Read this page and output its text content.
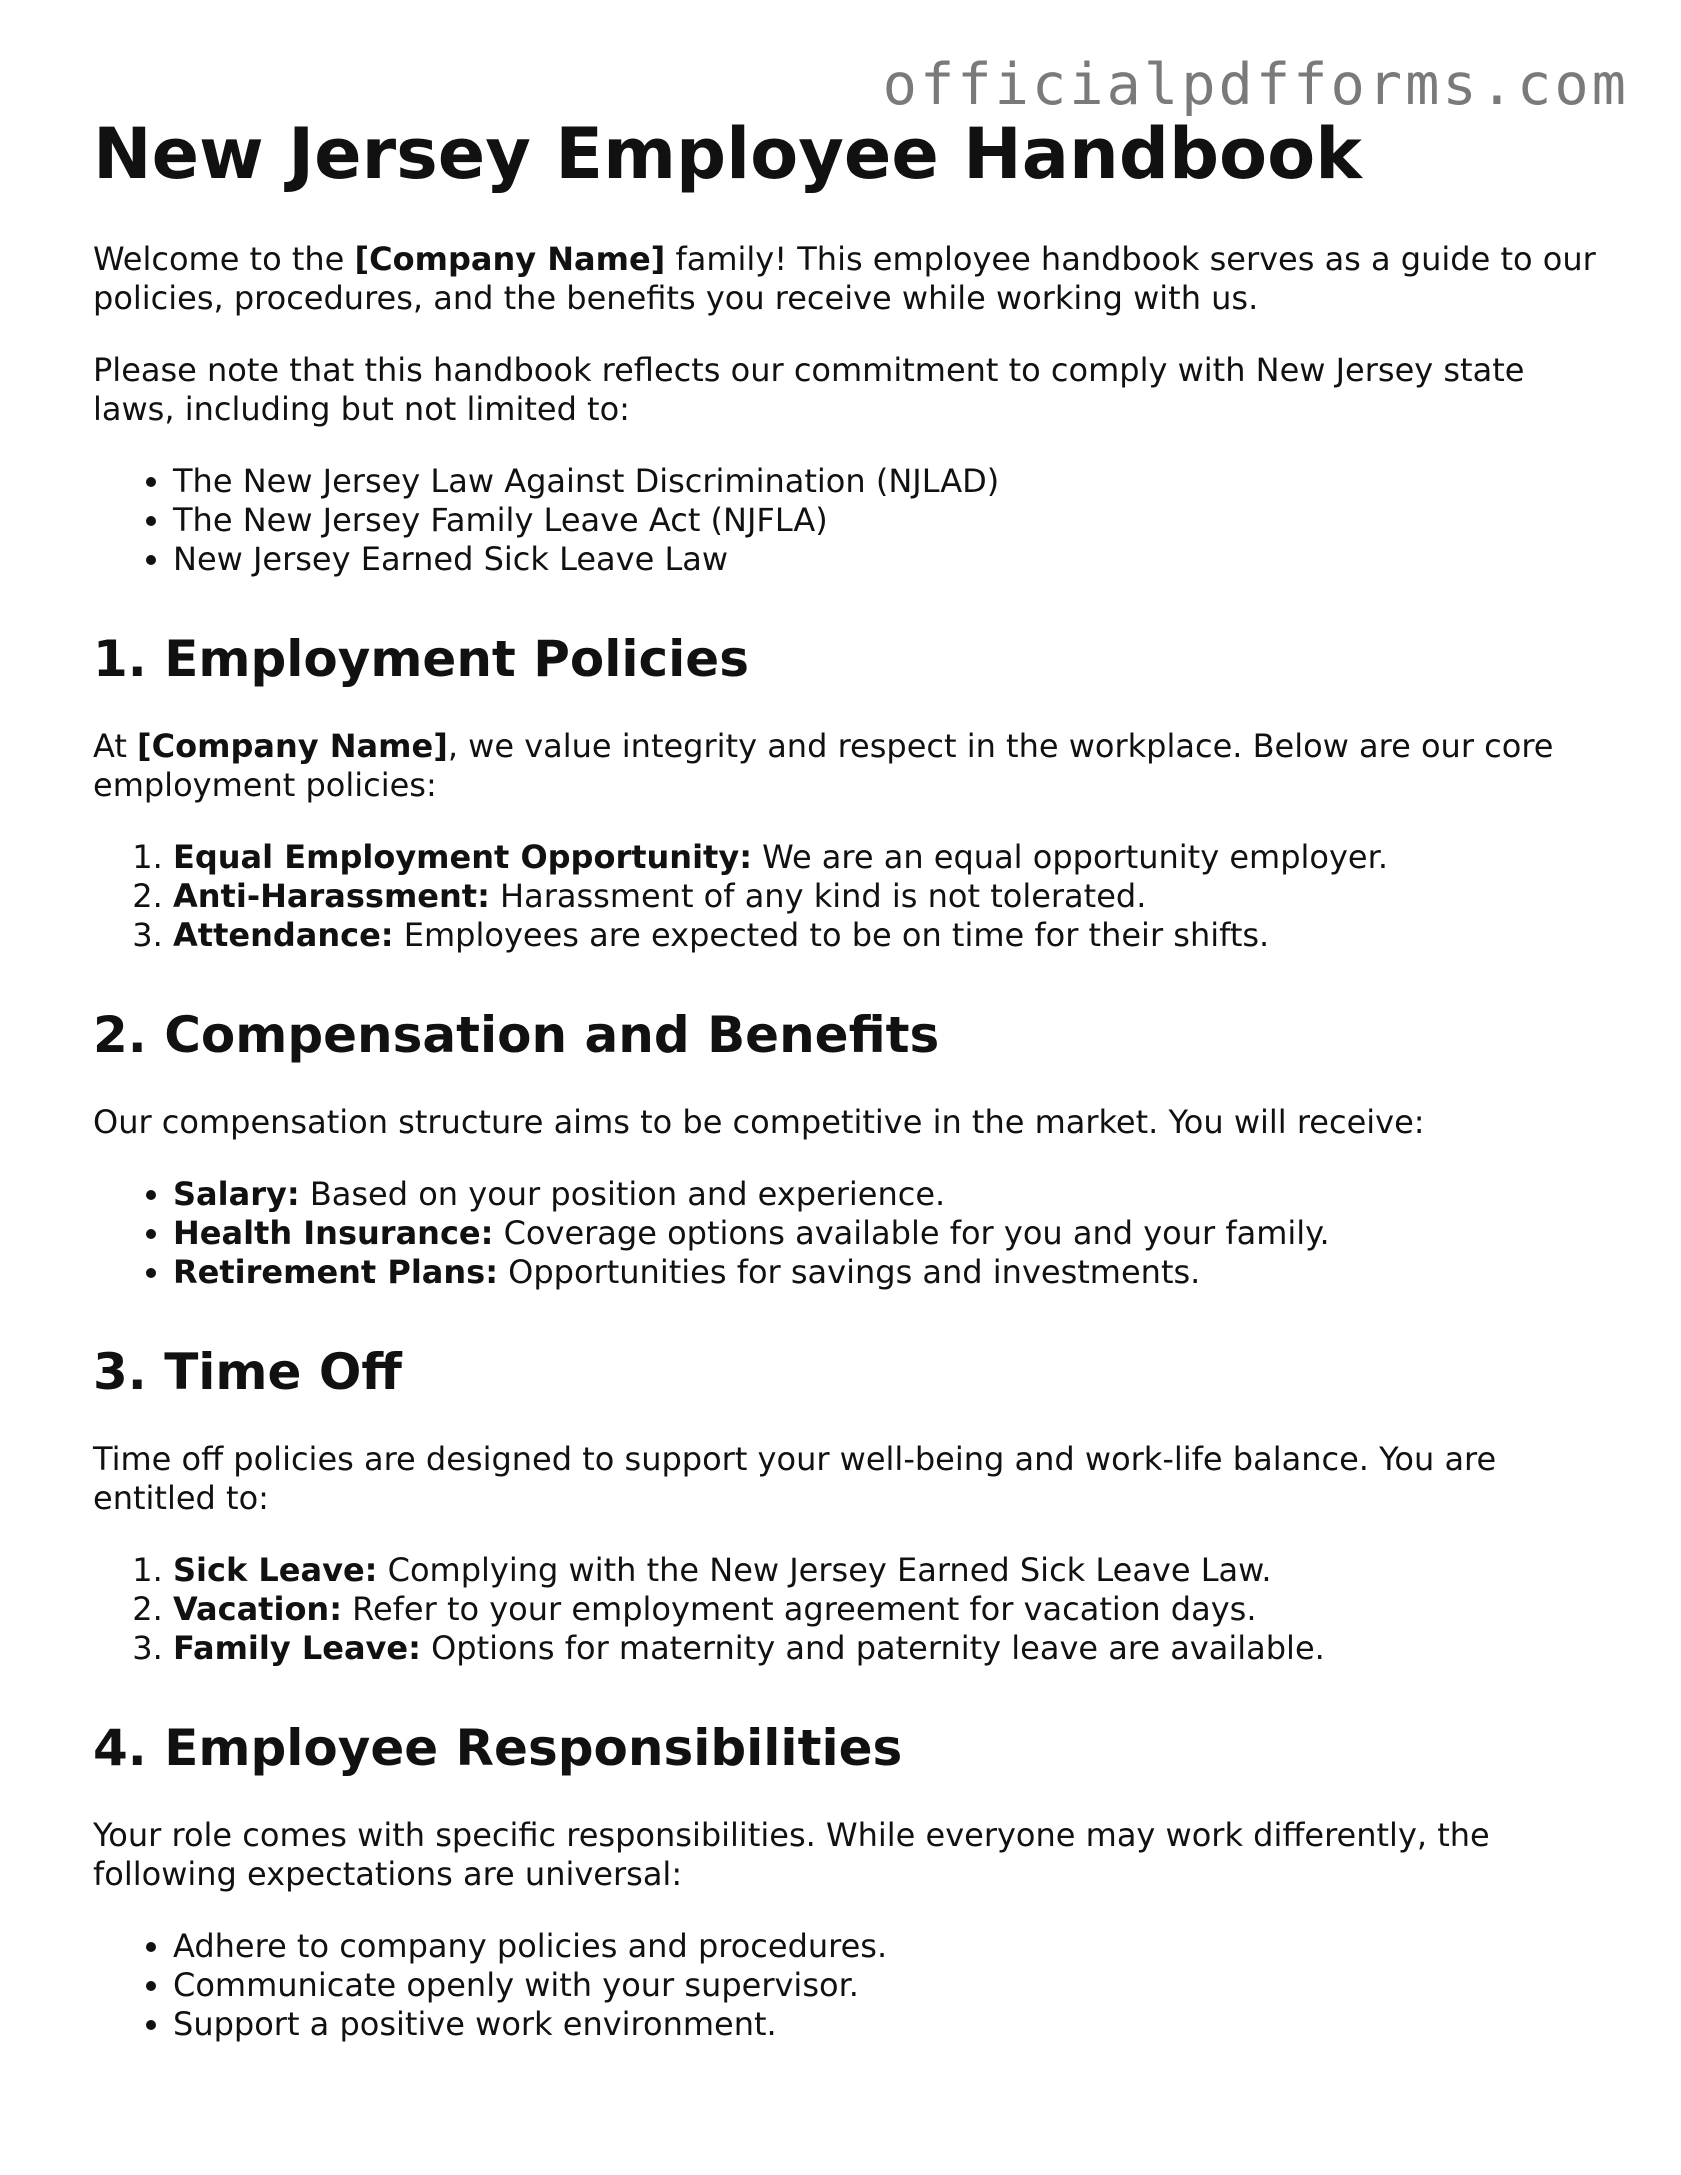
officialpdfforms.com
New Jersey Employee Handbook

Welcome to the [Company Name] family! This employee handbook serves as a guide to our policies, procedures, and the benefits you receive while working with us.

Please note that this handbook reflects our commitment to comply with New Jersey state laws, including but not limited to:

• The New Jersey Law Against Discrimination (NJLAD)
• The New Jersey Family Leave Act (NJFLA)
• New Jersey Earned Sick Leave Law
1. Employment Policies

At [Company Name], we value integrity and respect in the workplace. Below are our core employment policies:

1. Equal Employment Opportunity: We are an equal opportunity employer.
2. Anti-Harassment: Harassment of any kind is not tolerated.
3. Attendance: Employees are expected to be on time for their shifts.
2. Compensation and Benefits

Our compensation structure aims to be competitive in the market. You will receive:

• Salary: Based on your position and experience.
• Health Insurance: Coverage options available for you and your family.
• Retirement Plans: Opportunities for savings and investments.
3. Time Off

Time off policies are designed to support your well-being and work-life balance. You are entitled to:

1. Sick Leave: Complying with the New Jersey Earned Sick Leave Law.
2. Vacation: Refer to your employment agreement for vacation days.
3. Family Leave: Options for maternity and paternity leave are available.
4. Employee Responsibilities

Your role comes with specific responsibilities. While everyone may work differently, the following expectations are universal:

• Adhere to company policies and procedures.
• Communicate openly with your supervisor.
• Support a positive work environment.
